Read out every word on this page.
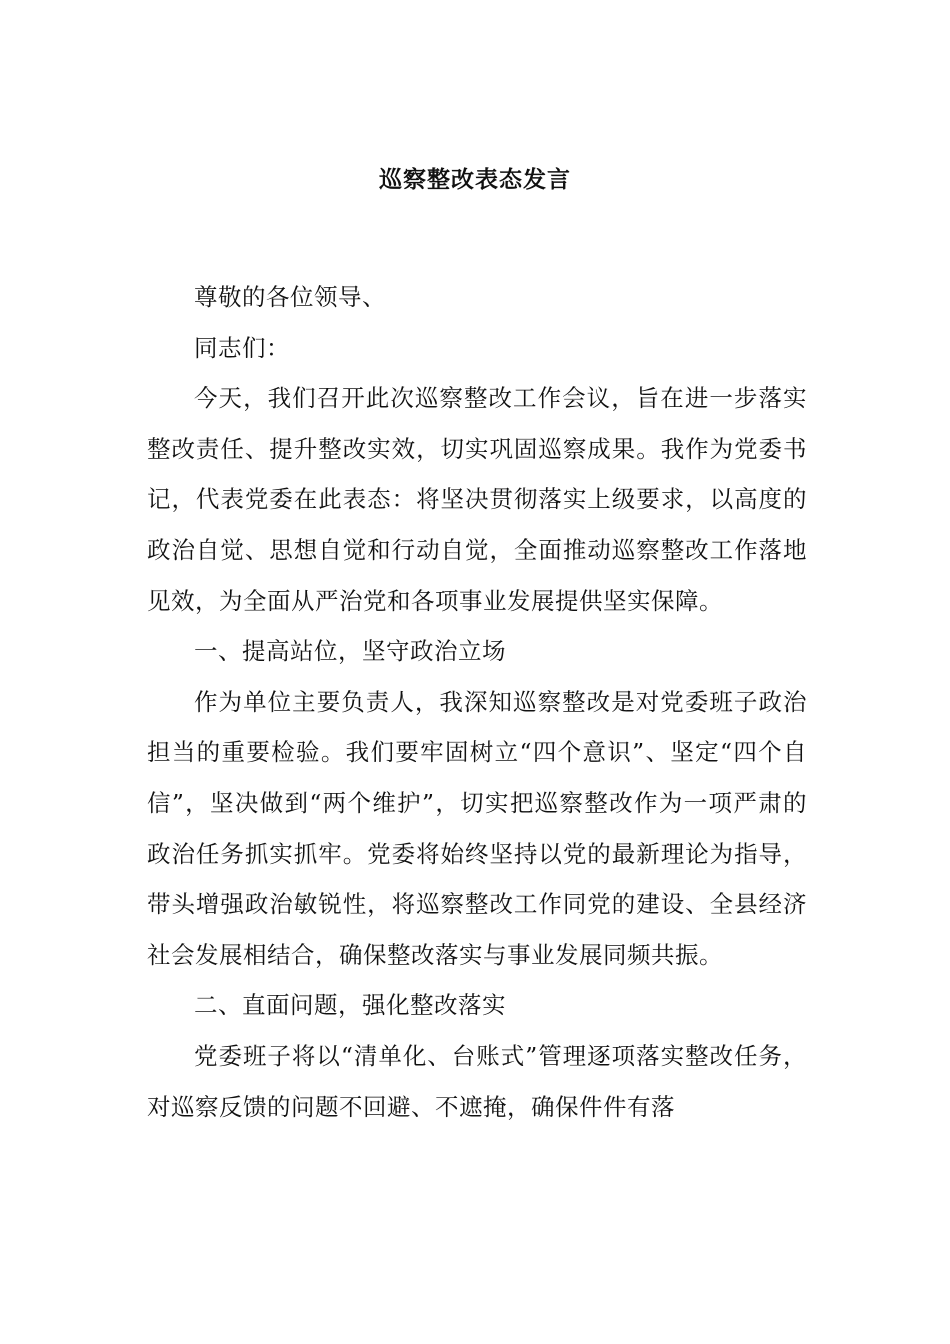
巡察整改表态发言

尊敬的各位领导、

同志们：

今天，我们召开此次巡察整改工作会议，旨在进一步落实整改责任、提升整改实效，切实巩固巡察成果。我作为党委书记，代表党委在此表态：将坚决贯彻落实上级要求，以高度的政治自觉、思想自觉和行动自觉，全面推动巡察整改工作落地见效，为全面从严治党和各项事业发展提供坚实保障。

一、提高站位，坚守政治立场

作为单位主要负责人，我深知巡察整改是对党委班子政治担当的重要检验。我们要牢固树立“四个意识”、坚定“四个自信”，坚决做到“两个维护”，切实把巡察整改作为一项严肃的政治任务抓实抓牢。党委将始终坚持以党的最新理论为指导，带头增强政治敏锐性，将巡察整改工作同党的建设、全县经济社会发展相结合，确保整改落实与事业发展同频共振。

二、直面问题，强化整改落实

党委班子将以“清单化、台账式”管理逐项落实整改任务，对巡察反馈的问题不回避、不遮掩，确保件件有落
